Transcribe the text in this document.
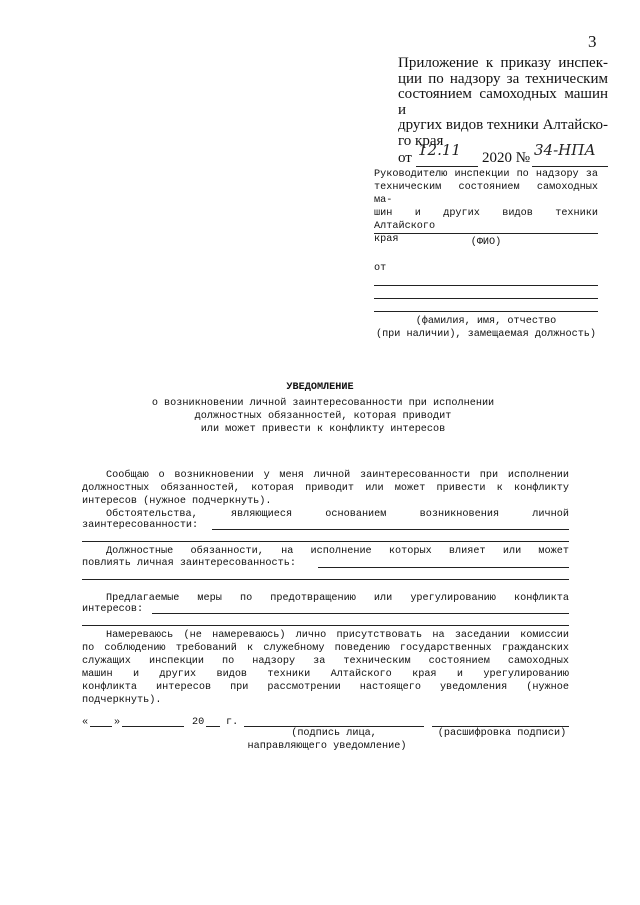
3
Приложение к приказу инспек-
ции по надзору за техническим
состоянием самоходных машин и
других видов техники Алтайско-
го края
от 12.11 2020 № 34-НПА
Руководителю инспекции по надзору за
техническим состоянием самоходных ма-
шин и других видов техники Алтайского
края	(ФИО)
от
(фамилия, имя, отчество
(при наличии), замещаемая должность)
УВЕДОМЛЕНИЕ
о возникновении личной заинтересованности при исполнении
должностных обязанностей, которая приводит
или может привести к конфликту интересов
Сообщаю о возникновении у меня личной заинтересованности при исполнении
должностных обязанностей, которая приводит или может привести к конфликту
интересов (нужное подчеркнуть).
Обстоятельства, являющиеся основанием возникновения личной
заинтересованности:
Должностные обязанности, на исполнение которых влияет или может
повлиять личная заинтересованность:
Предлагаемые меры по предотвращению или урегулированию конфликта
интересов:
Намереваюсь (не намереваюсь) лично присутствовать на заседании комиссии
по соблюдению требований к служебному поведению государственных гражданских
служащих инспекции по надзору за техническим состоянием самоходных
машин и других видов техники Алтайского края и урегулированию
конфликта интересов при рассмотрении настоящего уведомления (нужное
подчеркнуть).
«	»	20 г.
(подпись лица,
направляющего уведомление)
(расшифровка подписи)
